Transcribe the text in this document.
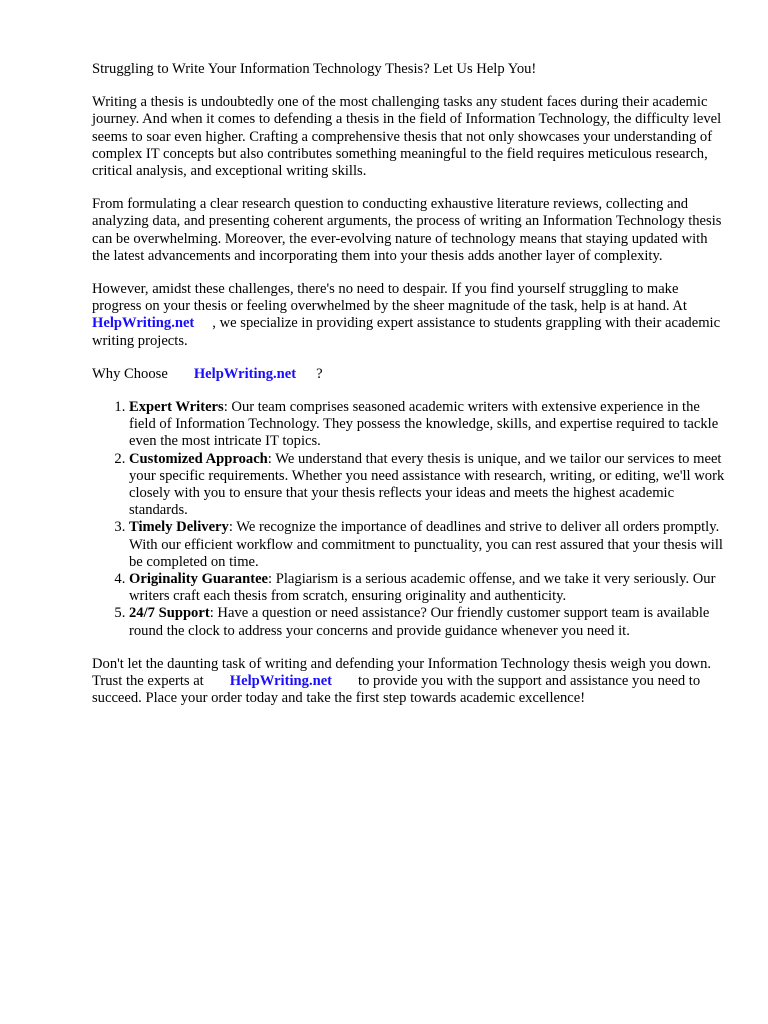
Struggling to Write Your Information Technology Thesis? Let Us Help You!

Writing a thesis is undoubtedly one of the most challenging tasks any student faces during their academic journey. And when it comes to defending a thesis in the field of Information Technology, the difficulty level seems to soar even higher. Crafting a comprehensive thesis that not only showcases your understanding of complex IT concepts but also contributes something meaningful to the field requires meticulous research, critical analysis, and exceptional writing skills.

From formulating a clear research question to conducting exhaustive literature reviews, collecting and analyzing data, and presenting coherent arguments, the process of writing an Information Technology thesis can be overwhelming. Moreover, the ever-evolving nature of technology means that staying updated with the latest advancements and incorporating them into your thesis adds another layer of complexity.

However, amidst these challenges, there's no need to despair. If you find yourself struggling to make progress on your thesis or feeling overwhelmed by the sheer magnitude of the task, help is at hand. AtHelpWriting.net , we specialize in providing expert assistance to students grappling with their academic writing projects.

Why Choose HelpWriting.net ?

1. Expert Writers: Our team comprises seasoned academic writers with extensive experience in the field of Information Technology. They possess the knowledge, skills, and expertise required to tackle even the most intricate IT topics.
2. Customized Approach: We understand that every thesis is unique, and we tailor our services to meet your specific requirements. Whether you need assistance with research, writing, or editing, we'll work closely with you to ensure that your thesis reflects your ideas and meets the highest academic standards.
3. Timely Delivery: We recognize the importance of deadlines and strive to deliver all orders promptly. With our efficient workflow and commitment to punctuality, you can rest assured that your thesis will be completed on time.
4. Originality Guarantee: Plagiarism is a serious academic offense, and we take it very seriously. Our writers craft each thesis from scratch, ensuring originality and authenticity.
5. 24/7 Support: Have a question or need assistance? Our friendly customer support team is available round the clock to address your concerns and provide guidance whenever you need it.

Don't let the daunting task of writing and defending your Information Technology thesis weigh you down. Trust the experts at HelpWriting.net to provide you with the support and assistance you need to succeed. Place your order today and take the first step towards academic excellence!
